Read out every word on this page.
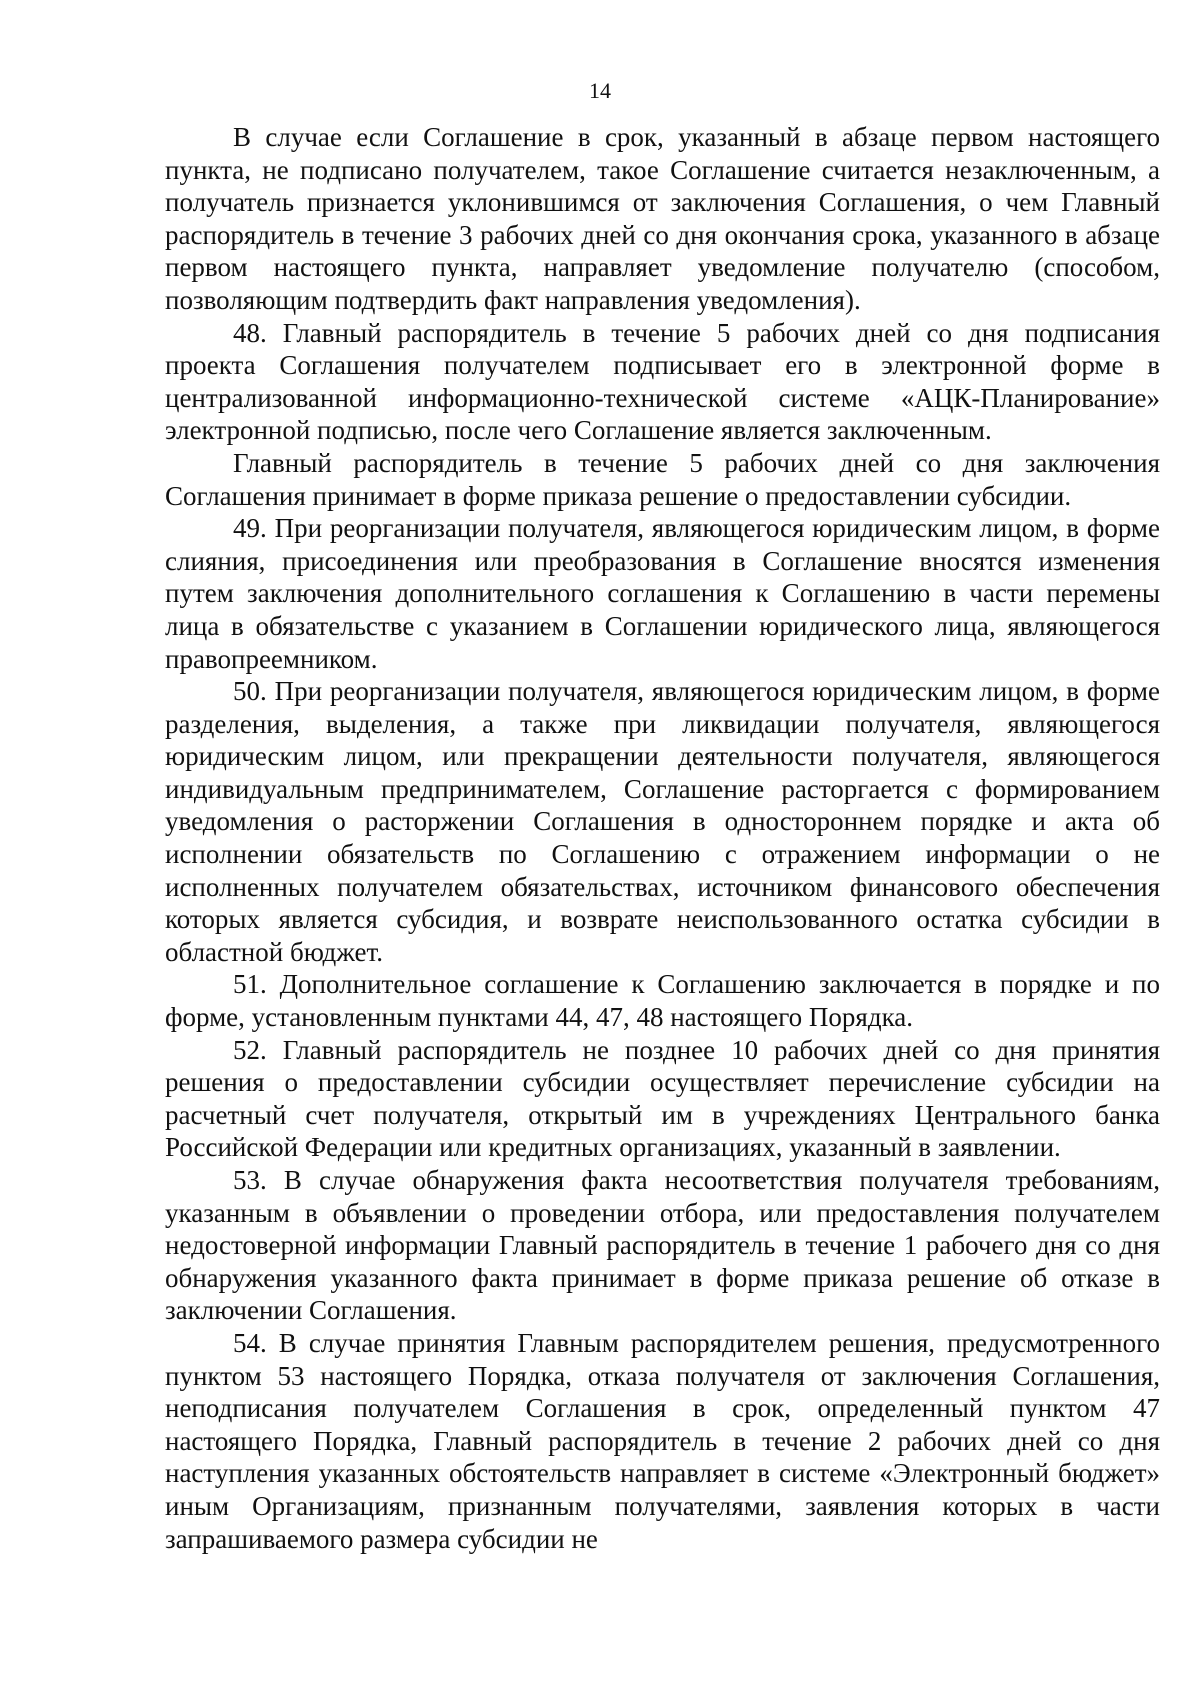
14

В случае если Соглашение в срок, указанный в абзаце первом настоящего пункта, не подписано получателем, такое Соглашение считается незаключенным, а получатель признается уклонившимся от заключения Соглашения, о чем Главный распорядитель в течение 3 рабочих дней со дня окончания срока, указанного в абзаце первом настоящего пункта, направляет уведомление получателю (способом, позволяющим подтвердить факт направления уведомления).

48. Главный распорядитель в течение 5 рабочих дней со дня подписания проекта Соглашения получателем подписывает его в электронной форме в централизованной информационно-технической системе «АЦК-Планирование» электронной подписью, после чего Соглашение является заключенным.

Главный распорядитель в течение 5 рабочих дней со дня заключения Соглашения принимает в форме приказа решение о предоставлении субсидии.

49. При реорганизации получателя, являющегося юридическим лицом, в форме слияния, присоединения или преобразования в Соглашение вносятся изменения путем заключения дополнительного соглашения к Соглашению в части перемены лица в обязательстве с указанием в Соглашении юридического лица, являющегося правопреемником.

50. При реорганизации получателя, являющегося юридическим лицом, в форме разделения, выделения, а также при ликвидации получателя, являющегося юридическим лицом, или прекращении деятельности получателя, являющегося индивидуальным предпринимателем, Соглашение расторгается с формированием уведомления о расторжении Соглашения в одностороннем порядке и акта об исполнении обязательств по Соглашению с отражением информации о не исполненных получателем обязательствах, источником финансового обеспечения которых является субсидия, и возврате неиспользованного остатка субсидии в областной бюджет.

51. Дополнительное соглашение к Соглашению заключается в порядке и по форме, установленным пунктами 44, 47, 48 настоящего Порядка.

52. Главный распорядитель не позднее 10 рабочих дней со дня принятия решения о предоставлении субсидии осуществляет перечисление субсидии на расчетный счет получателя, открытый им в учреждениях Центрального банка Российской Федерации или кредитных организациях, указанный в заявлении.

53. В случае обнаружения факта несоответствия получателя требованиям, указанным в объявлении о проведении отбора, или предоставления получателем недостоверной информации Главный распорядитель в течение 1 рабочего дня со дня обнаружения указанного факта принимает в форме приказа решение об отказе в заключении Соглашения.

54. В случае принятия Главным распорядителем решения, предусмотренного пунктом 53 настоящего Порядка, отказа получателя от заключения Соглашения, неподписания получателем Соглашения в срок, определенный пунктом 47 настоящего Порядка, Главный распорядитель в течение 2 рабочих дней со дня наступления указанных обстоятельств направляет в системе «Электронный бюджет» иным Организациям, признанным получателями, заявления которых в части запрашиваемого размера субсидии не
